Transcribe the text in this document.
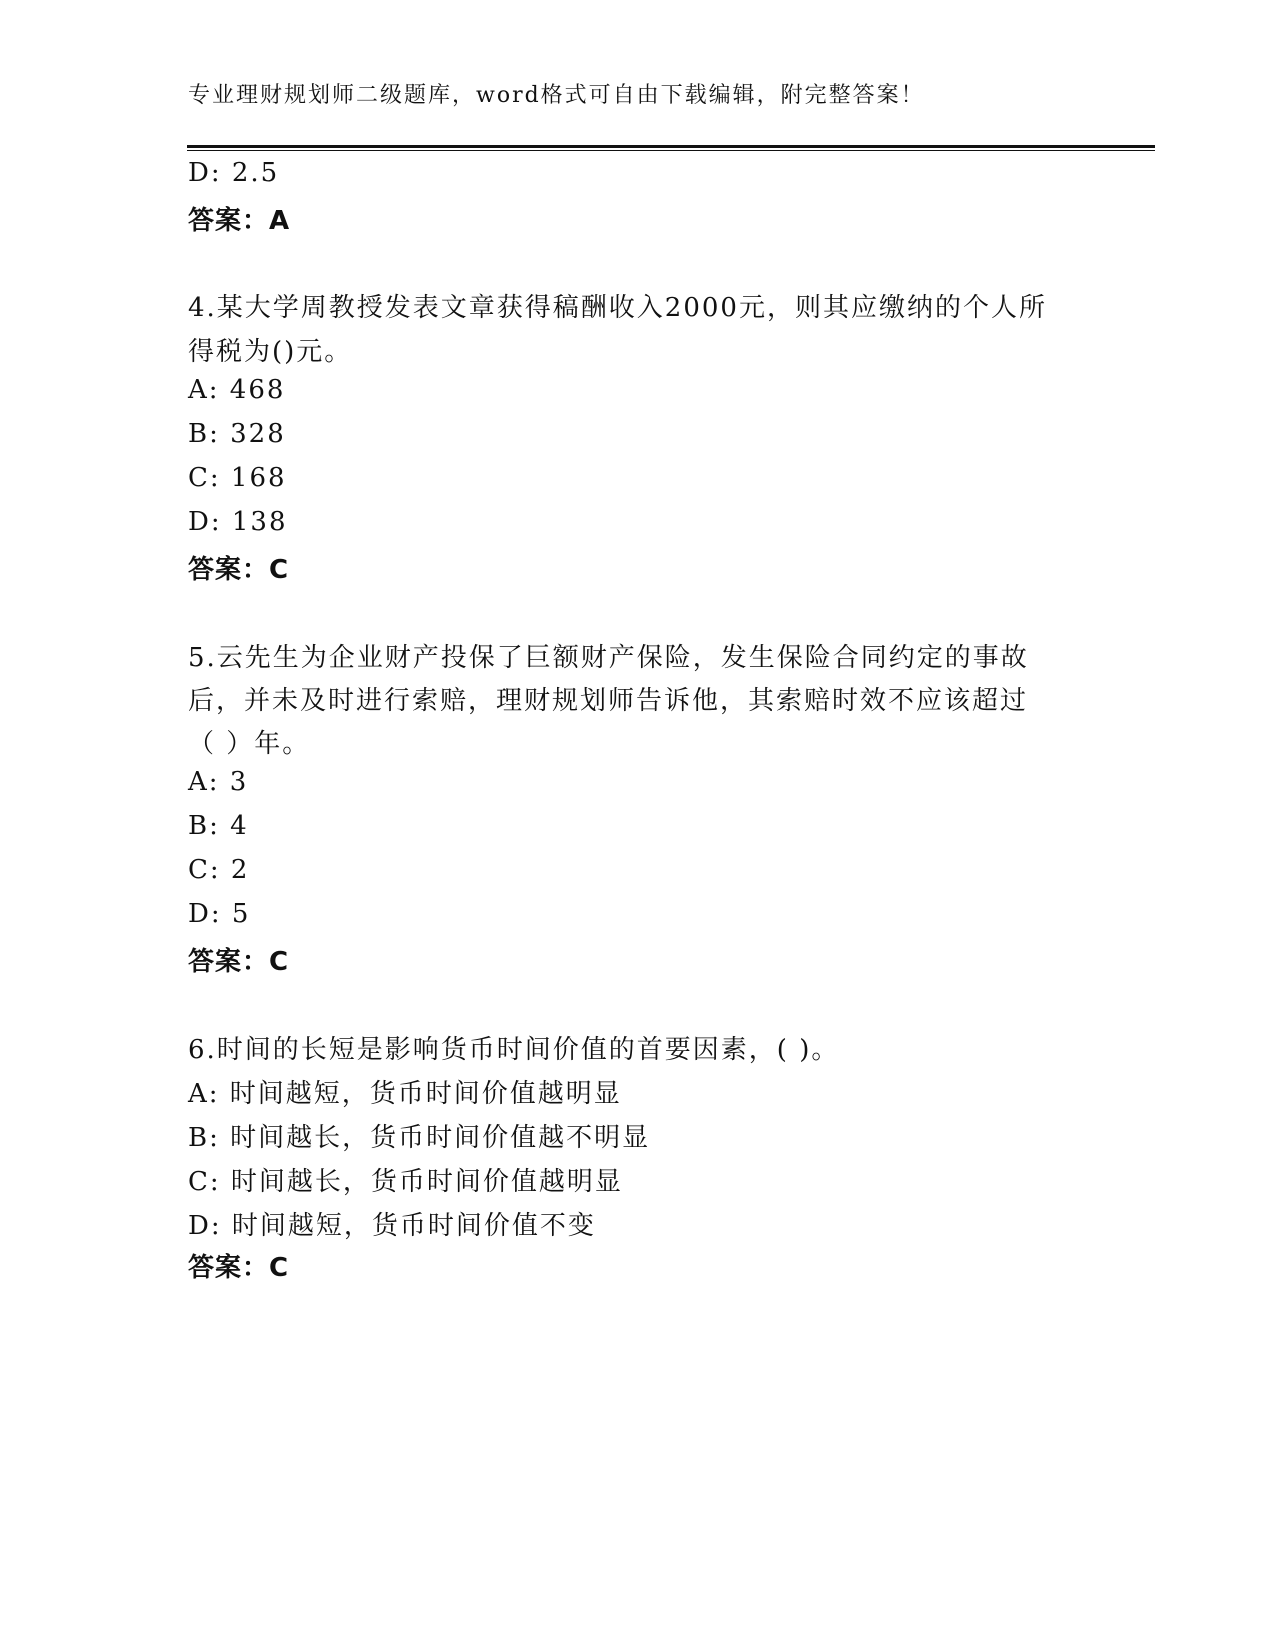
专业理财规划师二级题库，word格式可自由下载编辑，附完整答案！
D: 2.5
答案：A
4.某大学周教授发表文章获得稿酬收入2000元，则其应缴纳的个人所
得税为()元。
A: 468
B: 328
C: 168
D: 138
答案：C
5.云先生为企业财产投保了巨额财产保险，发生保险合同约定的事故
后，并未及时进行索赔，理财规划师告诉他，其索赔时效不应该超过
（ ）年。
A: 3
B: 4
C: 2
D: 5
答案：C
6.时间的长短是影响货币时间价值的首要因素，( )。
A: 时间越短，货币时间价值越明显
B: 时间越长，货币时间价值越不明显
C: 时间越长，货币时间价值越明显
D: 时间越短，货币时间价值不变
答案：C
